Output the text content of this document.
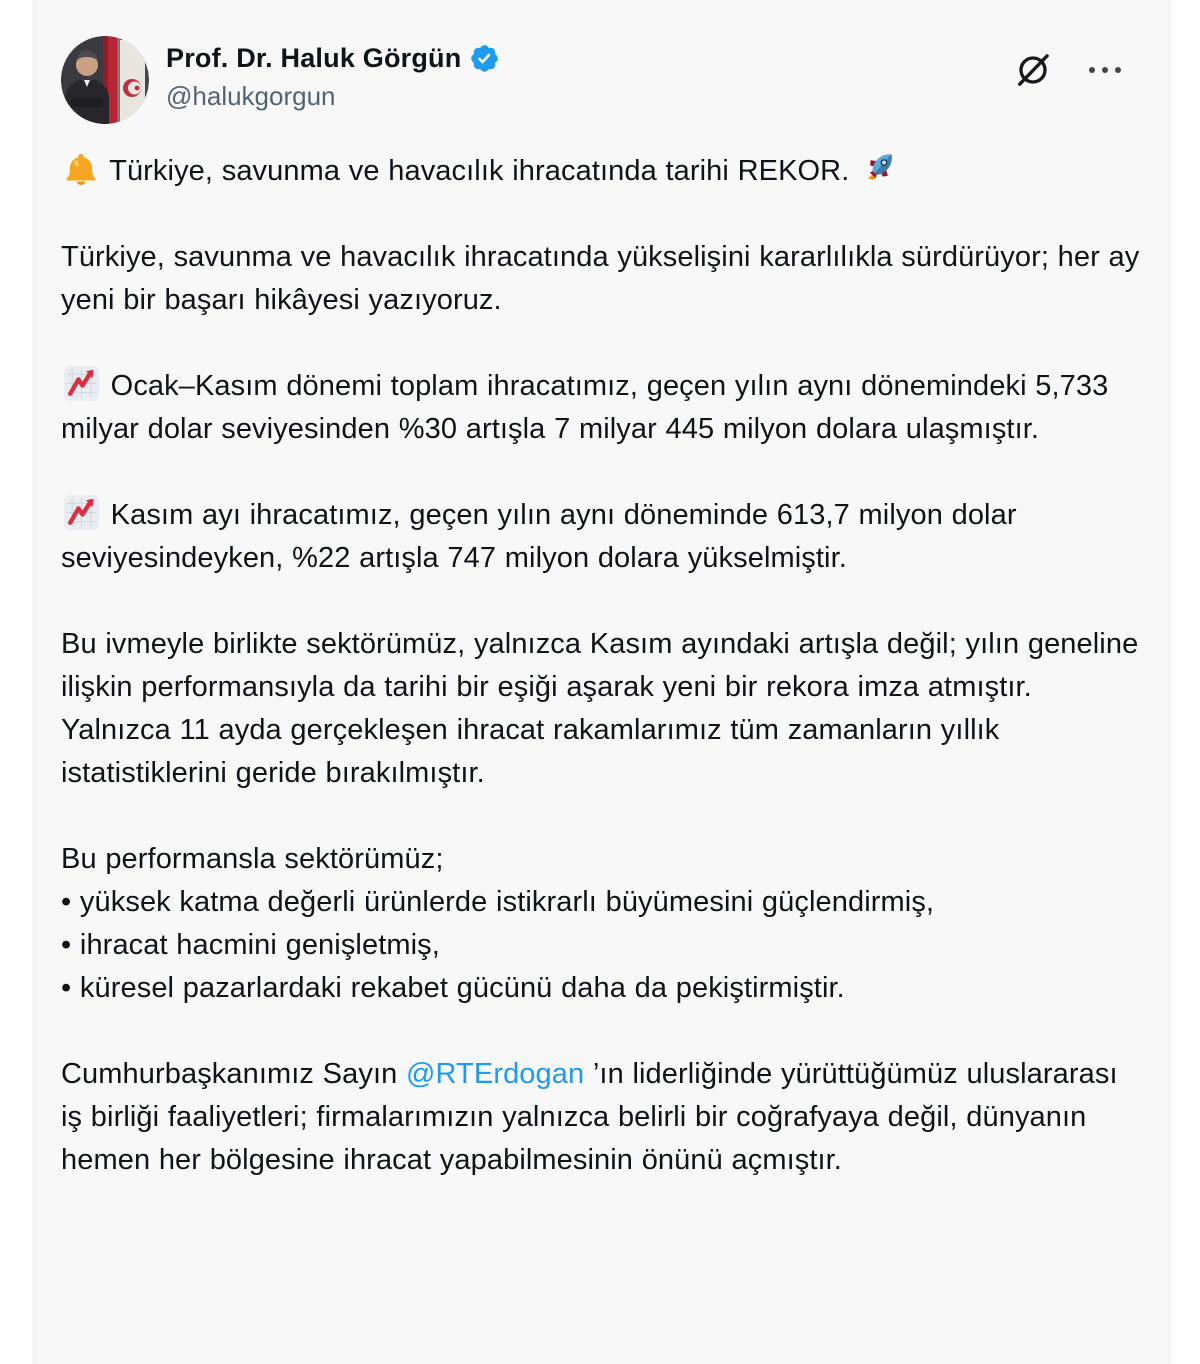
Prof. Dr. Haluk Görgün
@halukgorgun

Türkiye, savunma ve havacılık ihracatında tarihi REKOR.

Türkiye, savunma ve havacılık ihracatında yükselişini kararlılıkla sürdürüyor; her ay yeni bir başarı hikâyesi yazıyoruz.

Ocak–Kasım dönemi toplam ihracatımız, geçen yılın aynı dönemindeki 5,733 milyar dolar seviyesinden %30 artışla 7 milyar 445 milyon dolara ulaşmıştır.

Kasım ayı ihracatımız, geçen yılın aynı döneminde 613,7 milyon dolar seviyesindeyken, %22 artışla 747 milyon dolara yükselmiştir.

Bu ivmeyle birlikte sektörümüz, yalnızca Kasım ayındaki artışla değil; yılın geneline ilişkin performansıyla da tarihi bir eşiği aşarak yeni bir rekora imza atmıştır. Yalnızca 11 ayda gerçekleşen ihracat rakamlarımız tüm zamanların yıllık istatistiklerini geride bırakılmıştır.

Bu performansla sektörümüz;
• yüksek katma değerli ürünlerde istikrarlı büyümesini güçlendirmiş,
• ihracat hacmini genişletmiş,
• küresel pazarlardaki rekabet gücünü daha da pekiştirmiştir.

Cumhurbaşkanımız Sayın @RTErdogan ’ın liderliğinde yürüttüğümüz uluslararası iş birliği faaliyetleri; firmalarımızın yalnızca belirli bir coğrafyaya değil, dünyanın hemen her bölgesine ihracat yapabilmesinin önünü açmıştır.
